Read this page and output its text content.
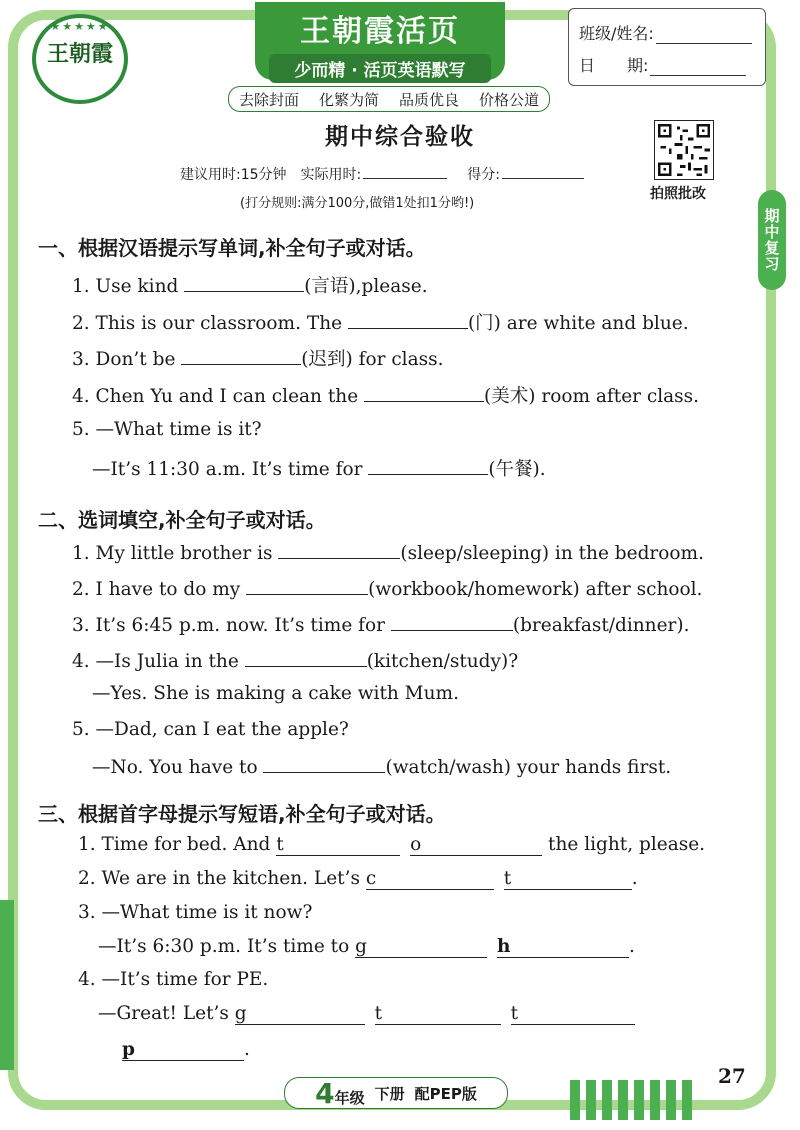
★★★★★
王朝霞
王朝霞活页
少而精 · 活页英语默写
去除封面 化繁为简 品质优良 价格公道
班级/姓名:
日　　期:
期中综合验收
建议用时:15分钟 实际用时:	得分:
(打分规则:满分100分,做错1处扣1分哟!)
拍照批改
期中复习
一、根据汉语提示写单词,补全句子或对话。
1. Use kind	(言语),please.
2. This is our classroom. The	(门) are white and blue.
3. Don’t be	(迟到) for class.
4. Chen Yu and I can clean the	(美术) room after class.
5. —What time is it?
—It’s 11:30 a.m. It’s time for	(午餐).
二、选词填空,补全句子或对话。
1. My little brother is	(sleep/sleeping) in the bedroom.
2. I have to do my	(workbook/homework) after school.
3. It’s 6:45 p.m. now. It’s time for	(breakfast/dinner).
4. —Is Julia in the	(kitchen/study)?
—Yes. She is making a cake with Mum.
5. —Dad, can I eat the apple?
—No. You have to	(watch/wash) your hands first.
三、根据首字母提示写短语,补全句子或对话。
1. Time for bed. And t	o	the light, please.
2. We are in the kitchen. Let’s c	t	.
3. —What time is it now?
—It’s 6:30 p.m. It’s time to g	h	.
4. —It’s time for PE.
—Great! Let’s g	t	t
p	.
27
4年级 下册 配PEP版
